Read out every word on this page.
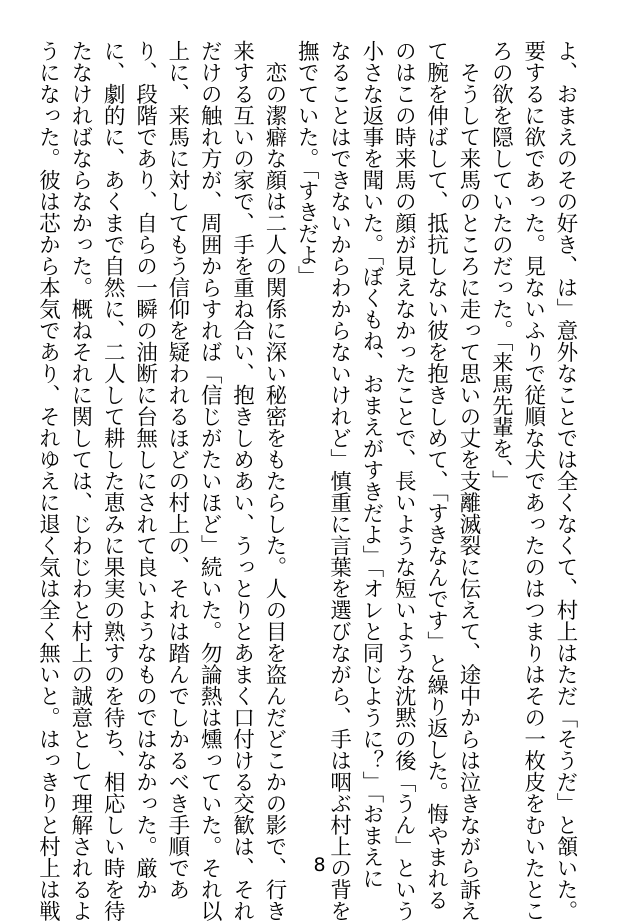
よ、おまえのその好き、は」意外なことでは全くなくて、村上はただ「そうだ」と頷いた。
要するに欲であった。見ないふりで従順な犬であったのはつまりはその一枚皮をむいたとこ
ろの欲を隠していたのだった。「来馬先輩を、」
　そうして来馬のところに走って思いの丈を支離滅裂に伝えて、途中からは泣きながら訴え
て腕を伸ばして、抵抗しない彼を抱きしめて、「すきなんです」と繰り返した。悔やまれる
のはこの時来馬の顔が見えなかったことで、長いような短いような沈黙の後「うん」という
小さな返事を聞いた。「ぼくもね、おまえがすきだよ」「オレと同じように？」「おまえに
なることはできないからわからないけれど」慎重に言葉を選びながら、手は咽ぶ村上の背を
撫でていた。「すきだよ」
　恋の潔癖な顔は二人の関係に深い秘密をもたらした。人の目を盗んだどこかの影で、行き
来する互いの家で、手を重ね合い、抱きしめあい、うっとりとあまく口付ける交歓は、それ
だけの触れ方が、周囲からすれば「信じがたいほど」続いた。勿論熱は燻っていた。それ以
上に、来馬に対してもう信仰を疑われるほどの村上の、それは踏んでしかるべき手順であ
り、段階であり、自らの一瞬の油断に台無しにされて良いようなものではなかった。厳か
に、劇的に、あくまで自然に、二人して耕した恵みに果実の熟すのを待ち、相応しい時を待
たなければならなかった。概ねそれに関しては、じわじわと村上の誠意として理解されるよ
うになった。彼は芯から本気であり、それゆえに退く気は全く無いと。はっきりと村上は戦	8
